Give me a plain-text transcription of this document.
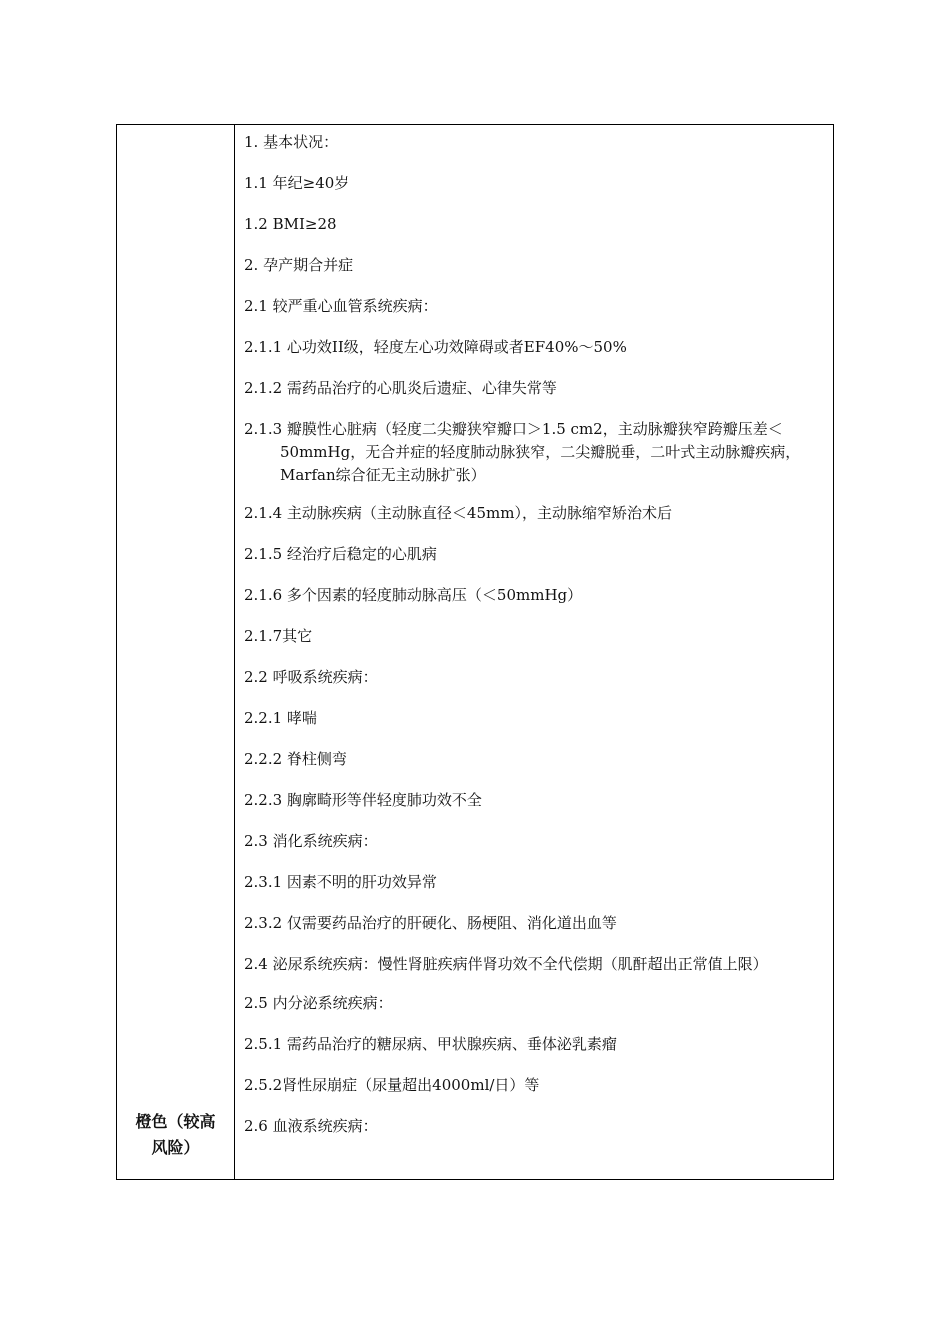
橙色（较高
风险）
1. 基本状况：
1.1 年纪≥40岁
1.2 BMI≥28
2. 孕产期合并症
2.1 较严重心血管系统疾病：
2.1.1 心功效II级，轻度左心功效障碍或者EF40%～50%
2.1.2 需药品治疗的心肌炎后遗症、心律失常等
2.1.3 瓣膜性心脏病（轻度二尖瓣狭窄瓣口＞1.5 cm2，主动脉瓣狭窄跨瓣压差＜50mmHg，无合并症的轻度肺动脉狭窄，二尖瓣脱垂，二叶式主动脉瓣疾病，Marfan综合征无主动脉扩张）
2.1.4 主动脉疾病（主动脉直径＜45mm），主动脉缩窄矫治术后
2.1.5 经治疗后稳定的心肌病
2.1.6 多个因素的轻度肺动脉高压（＜50mmHg）
2.1.7其它
2.2 呼吸系统疾病：
2.2.1 哮喘
2.2.2 脊柱侧弯
2.2.3 胸廓畸形等伴轻度肺功效不全
2.3 消化系统疾病：
2.3.1 因素不明的肝功效异常
2.3.2 仅需要药品治疗的肝硬化、肠梗阻、消化道出血等
2.4 泌尿系统疾病：慢性肾脏疾病伴肾功效不全代偿期（肌酐超出正常值上限）
2.5 内分泌系统疾病：
2.5.1 需药品治疗的糖尿病、甲状腺疾病、垂体泌乳素瘤
2.5.2肾性尿崩症（尿量超出4000ml/日）等
2.6 血液系统疾病：
